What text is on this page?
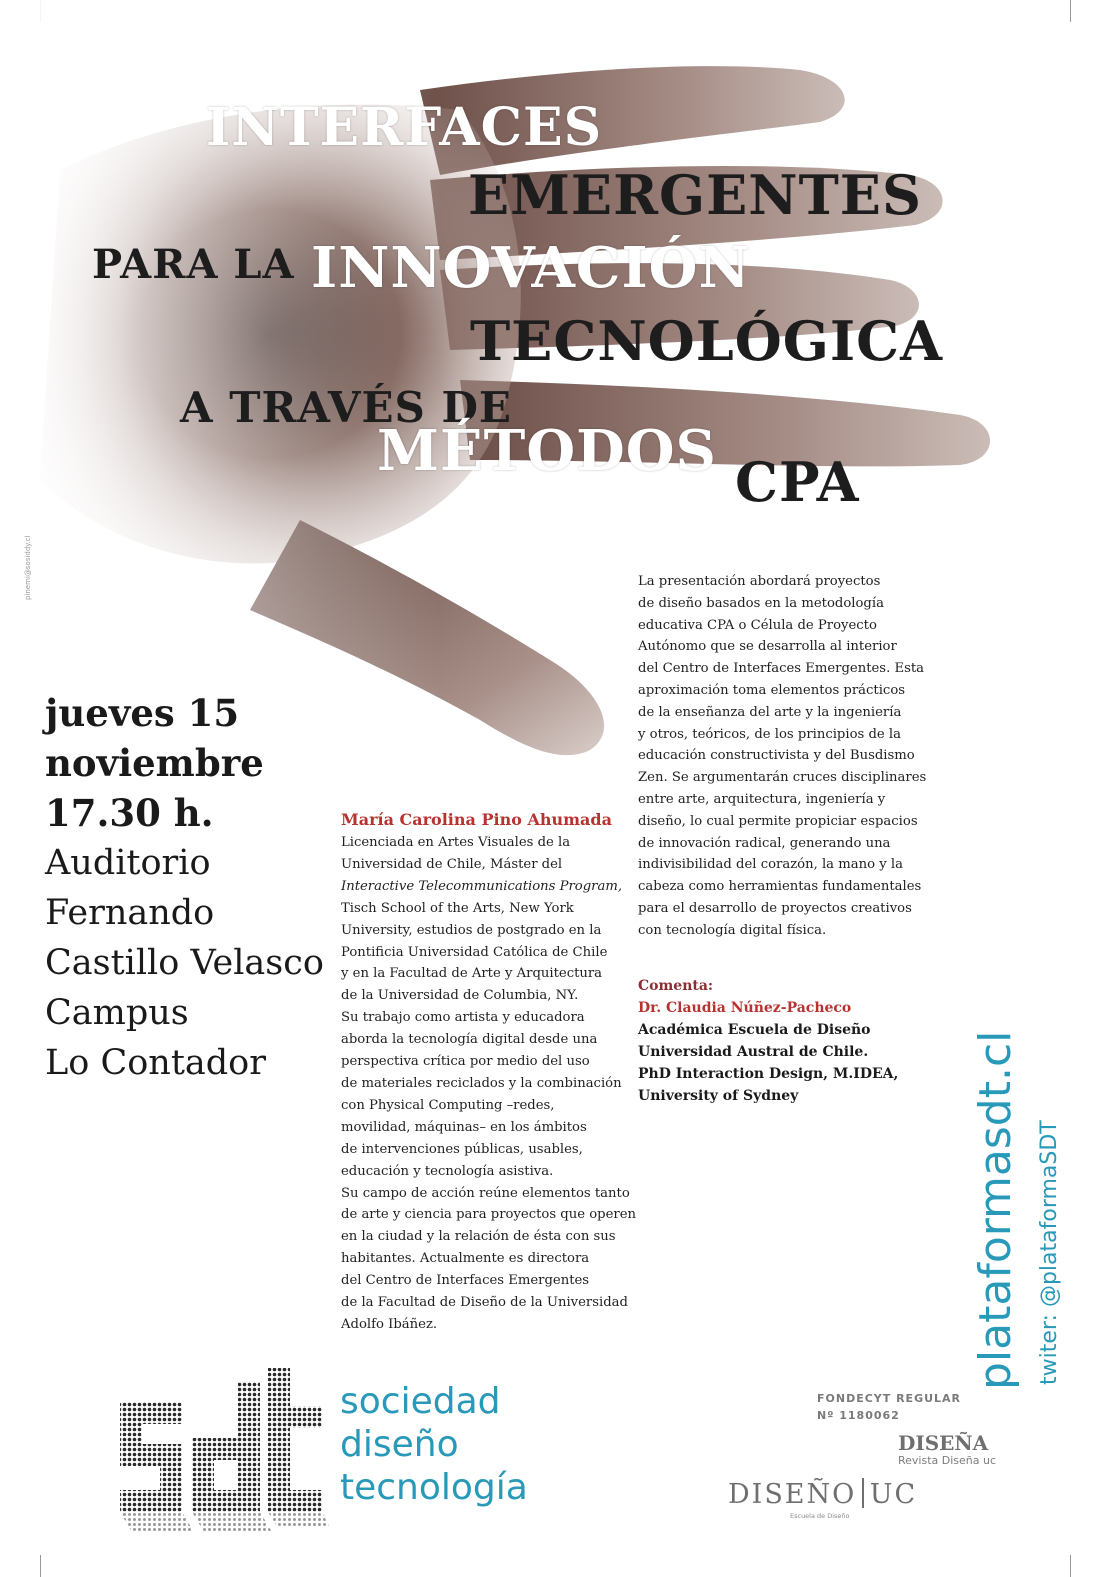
INTERFACES
EMERGENTES
PARA LA INNOVACIÓN
TECNOLÓGICA
A TRAVÉS DE
MÉTODOS CPA
pinemi@sosiddy.cl
jueves 15
noviembre
17.30 h.
Auditorio
Fernando
Castillo Velasco
Campus
Lo Contador
María Carolina Pino Ahumada
Licenciada en Artes Visuales de la
Universidad de Chile, Máster del
Interactive Telecommunications Program,
Tisch School of the Arts, New York
University, estudios de postgrado en la
Pontificia Universidad Católica de Chile
y en la Facultad de Arte y Arquitectura
de la Universidad de Columbia, NY.
Su trabajo como artista y educadora
aborda la tecnología digital desde una
perspectiva crítica por medio del uso
de materiales reciclados y la combinación
con Physical Computing –redes,
movilidad, máquinas– en los ámbitos
de intervenciones públicas, usables,
educación y tecnología asistiva.
Su campo de acción reúne elementos tanto
de arte y ciencia para proyectos que operen
en la ciudad y la relación de ésta con sus
habitantes. Actualmente es directora
del Centro de Interfaces Emergentes
de la Facultad de Diseño de la Universidad
Adolfo Ibáñez.
La presentación abordará proyectos
de diseño basados en la metodología
educativa CPA o Célula de Proyecto
Autónomo que se desarrolla al interior
del Centro de Interfaces Emergentes. Esta
aproximación toma elementos prácticos
de la enseñanza del arte y la ingeniería
y otros, teóricos, de los principios de la
educación constructivista y del Busdismo
Zen. Se argumentarán cruces disciplinares
entre arte, arquitectura, ingeniería y
diseño, lo cual permite propiciar espacios
de innovación radical, generando una
indivisibilidad del corazón, la mano y la
cabeza como herramientas fundamentales
para el desarrollo de proyectos creativos
con tecnología digital física.
Comenta:
Dr. Claudia Núñez-Pacheco
Académica Escuela de Diseño
Universidad Austral de Chile.
PhD Interaction Design, M.IDEA,
University of Sydney	plataformasdt.cl twiter: @plataformaSDT
sociedad
diseño
tecnología
FONDECYT REGULAR
Nº 1180062
DISEÑA
Revista Diseña uc
DISEÑO UC
Escuela de Diseño
